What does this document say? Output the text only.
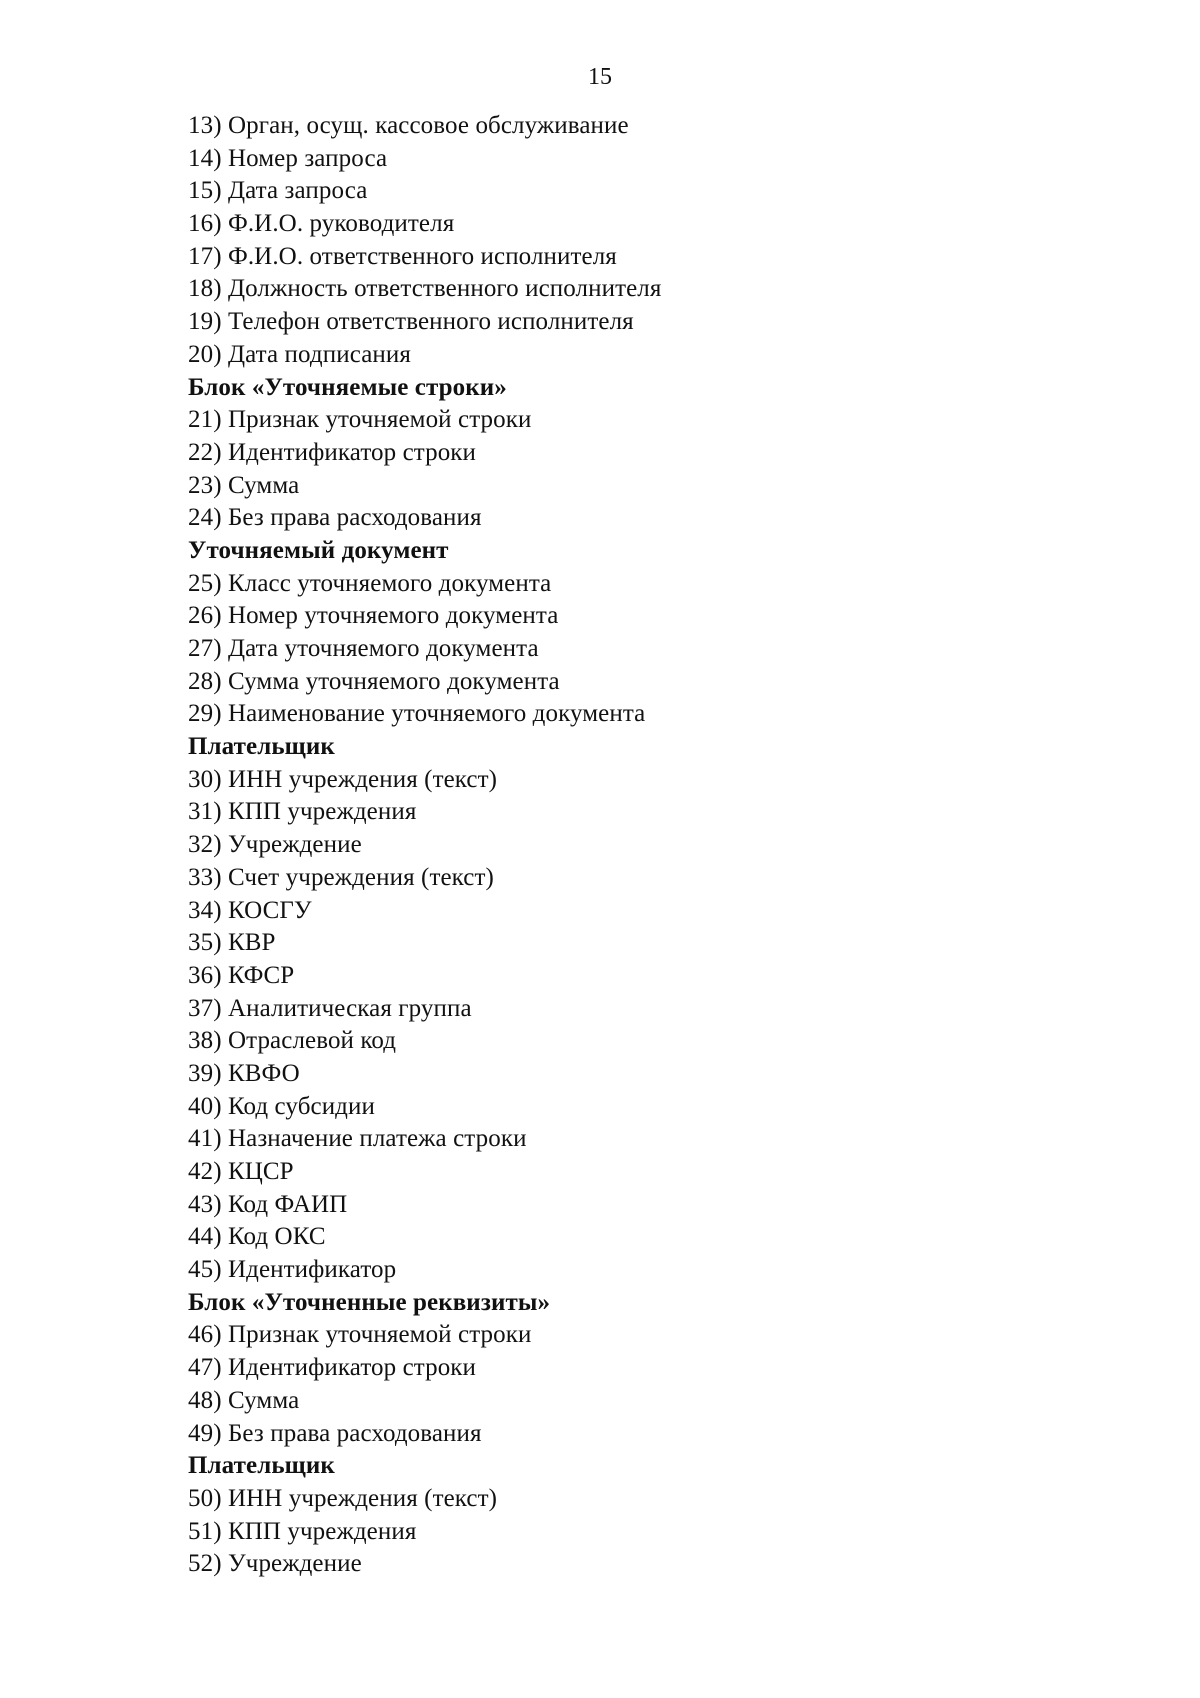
15
13) Орган, осущ. кассовое обслуживание
14) Номер запроса
15) Дата запроса
16) Ф.И.О. руководителя
17) Ф.И.О. ответственного исполнителя
18) Должность ответственного исполнителя
19) Телефон ответственного исполнителя
20) Дата подписания
Блок «Уточняемые строки»
21) Признак уточняемой строки
22) Идентификатор строки
23) Сумма
24) Без права расходования
Уточняемый документ
25) Класс уточняемого документа
26) Номер уточняемого документа
27) Дата уточняемого документа
28) Сумма уточняемого документа
29) Наименование уточняемого документа
Плательщик
30) ИНН учреждения (текст)
31) КПП учреждения
32) Учреждение
33) Счет учреждения (текст)
34) КОСГУ
35) КВР
36) КФСР
37) Аналитическая группа
38) Отраслевой код
39) КВФО
40) Код субсидии
41) Назначение платежа строки
42) КЦСР
43) Код ФАИП
44) Код ОКС
45) Идентификатор
Блок «Уточненные реквизиты»
46) Признак уточняемой строки
47) Идентификатор строки
48) Сумма
49) Без права расходования
Плательщик
50) ИНН учреждения (текст)
51) КПП учреждения
52) Учреждение
